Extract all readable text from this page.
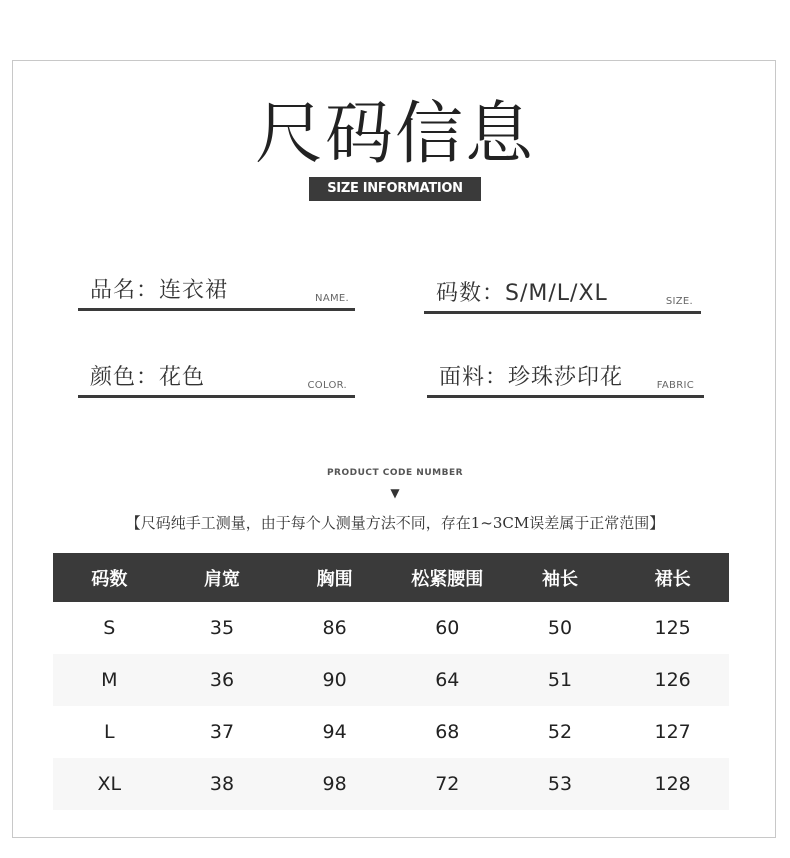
尺码信息
SIZE INFORMATION
品名：连衣裙	NAME.	码数：S/M/L/XL	SIZE.
颜色：花色	COLOR.	面料：珍珠莎印花	FABRIC
PRODUCT CODE NUMBER
▼
【尺码纯手工测量，由于每个人测量方法不同，存在1~3CM误差属于正常范围】
码数	肩宽	胸围	松紧腰围	袖长	裙长
S	35	86	60	50	125
M	36	90	64	51	126
L	37	94	68	52	127
XL	38	98	72	53	128
